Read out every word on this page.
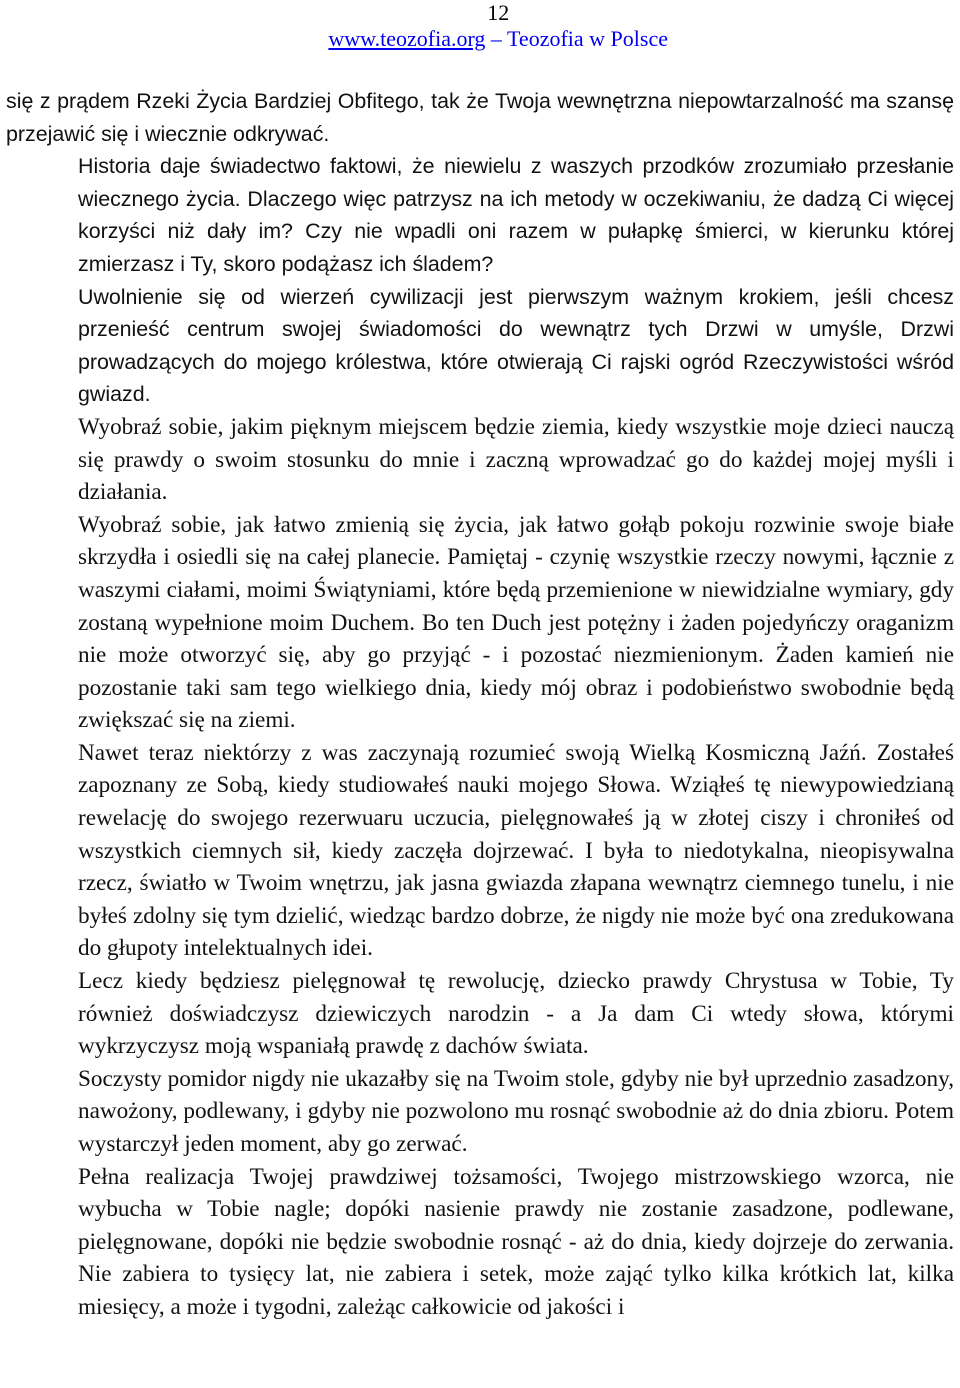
12
www.teozofia.org – Teozofia w Polsce

się z prądem Rzeki Życia Bardziej Obfitego, tak że Twoja wewnętrzna niepowtarzalność ma szansę przejawić się i wiecznie odkrywać.

Historia daje świadectwo faktowi, że niewielu z waszych przodków zrozumiało przesłanie wiecznego życia. Dlaczego więc patrzysz na ich metody w oczekiwaniu, że dadzą Ci więcej korzyści niż dały im? Czy nie wpadli oni razem w pułapkę śmierci, w kierunku której zmierzasz i Ty, skoro podążasz ich śladem?

Uwolnienie się od wierzeń cywilizacji jest pierwszym ważnym krokiem, jeśli chcesz przenieść centrum swojej świadomości do wewnątrz tych Drzwi w umyśle, Drzwi prowadzących do mojego królestwa, które otwierają Ci rajski ogród Rzeczywistości wśród gwiazd.

Wyobraź sobie, jakim pięknym miejscem będzie ziemia, kiedy wszystkie moje dzieci nauczą się prawdy o swoim stosunku do mnie i zaczną wprowadzać go do każdej mojej myśli i działania.

Wyobraź sobie, jak łatwo zmienią się życia, jak łatwo gołąb pokoju rozwinie swoje białe skrzydła i osiedli się na całej planecie. Pamiętaj - czynię wszystkie rzeczy nowymi, łącznie z waszymi ciałami, moimi Świątyniami, które będą przemienione w niewidzialne wymiary, gdy zostaną wypełnione moim Duchem. Bo ten Duch jest potężny i żaden pojedyńczy oraganizm nie może otworzyć się, aby go przyjąć - i pozostać niezmienionym. Żaden kamień nie pozostanie taki sam tego wielkiego dnia, kiedy mój obraz i podobieństwo swobodnie będą zwiększać się na ziemi.

Nawet teraz niektórzy z was zaczynają rozumieć swoją Wielką Kosmiczną Jaźń. Zostałeś zapoznany ze Sobą, kiedy studiowałeś nauki mojego Słowa. Wziąłeś tę niewypowiedzianą rewelację do swojego rezerwuaru uczucia, pielęgnowałeś ją w złotej ciszy i chroniłeś od wszystkich ciemnych sił, kiedy zaczęła dojrzewać. I była to niedotykalna, nieopisywalna rzecz, światło w Twoim wnętrzu, jak jasna gwiazda złapana wewnątrz ciemnego tunelu, i nie byłeś zdolny się tym dzielić, wiedząc bardzo dobrze, że nigdy nie może być ona zredukowana do głupoty intelektualnych idei.

Lecz kiedy będziesz pielęgnował tę rewolucję, dziecko prawdy Chrystusa w Tobie, Ty również doświadczysz dziewiczych narodzin - a Ja dam Ci wtedy słowa, którymi wykrzyczysz moją wspaniałą prawdę z dachów świata.

Soczysty pomidor nigdy nie ukazałby się na Twoim stole, gdyby nie był uprzednio zasadzony, nawożony, podlewany, i gdyby nie pozwolono mu rosnąć swobodnie aż do dnia zbioru. Potem wystarczył jeden moment, aby go zerwać.

Pełna realizacja Twojej prawdziwej tożsamości, Twojego mistrzowskiego wzorca, nie wybucha w Tobie nagle; dopóki nasienie prawdy nie zostanie zasadzone, podlewane, pielęgnowane, dopóki nie będzie swobodnie rosnąć - aż do dnia, kiedy dojrzeje do zerwania. Nie zabiera to tysięcy lat, nie zabiera i setek, może zająć tylko kilka krótkich lat, kilka miesięcy, a może i tygodni, zależąc całkowicie od jakości i
